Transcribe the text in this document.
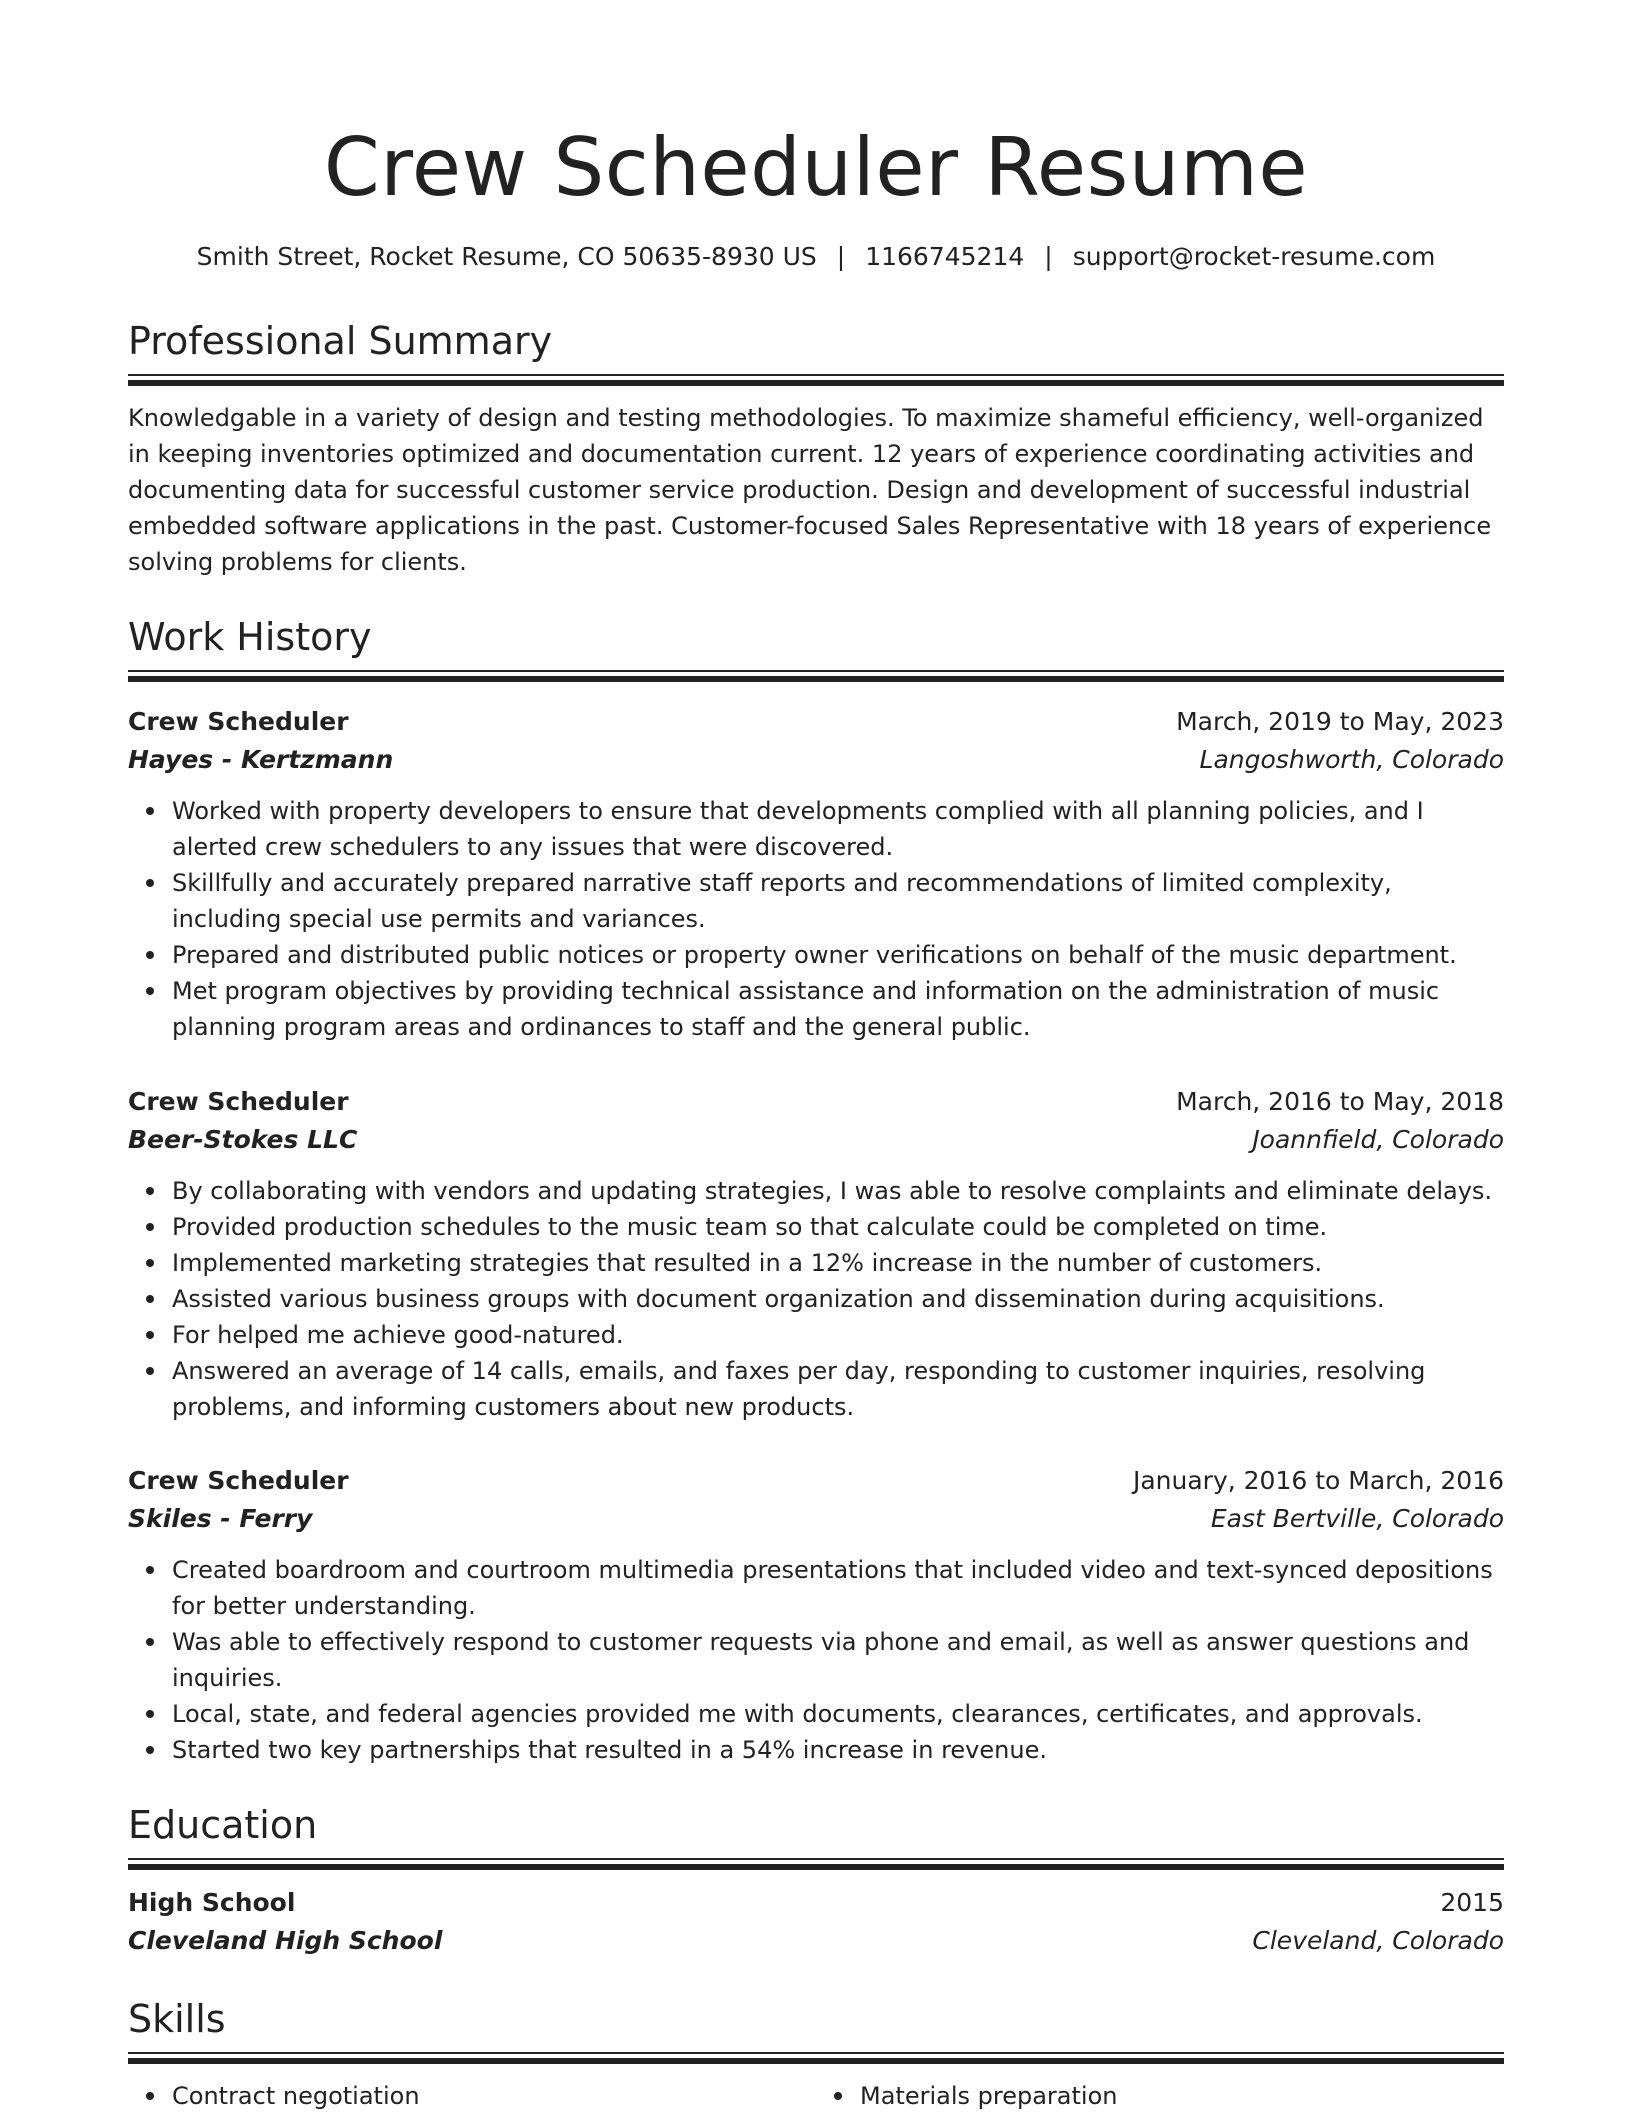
Crew Scheduler Resume
Smith Street, Rocket Resume, CO 50635-8930 US | 1166745214 | support@rocket-resume.com
Professional Summary

Knowledgable in a variety of design and testing methodologies. To maximize shameful efficiency, well-organized in keeping inventories optimized and documentation current. 12 years of experience coordinating activities and documenting data for successful customer service production. Design and development of successful industrial embedded software applications in the past. Customer-focused Sales Representative with 18 years of experience solving problems for clients.

Work History
Crew Scheduler	March, 2019 to May, 2023
Hayes - Kertzmann	Langoshworth, Colorado
Worked with property developers to ensure that developments complied with all planning policies, and I alerted crew schedulers to any issues that were discovered.
Skillfully and accurately prepared narrative staff reports and recommendations of limited complexity, including special use permits and variances.
Prepared and distributed public notices or property owner verifications on behalf of the music department.
Met program objectives by providing technical assistance and information on the administration of music planning program areas and ordinances to staff and the general public.
Crew Scheduler	March, 2016 to May, 2018
Beer-Stokes LLC	Joannfield, Colorado
By collaborating with vendors and updating strategies, I was able to resolve complaints and eliminate delays.
Provided production schedules to the music team so that calculate could be completed on time.
Implemented marketing strategies that resulted in a 12% increase in the number of customers.
Assisted various business groups with document organization and dissemination during acquisitions.
For helped me achieve good-natured.
Answered an average of 14 calls, emails, and faxes per day, responding to customer inquiries, resolving problems, and informing customers about new products.
Crew Scheduler	January, 2016 to March, 2016
Skiles - Ferry	East Bertville, Colorado
Created boardroom and courtroom multimedia presentations that included video and text-synced depositions for better understanding.
Was able to effectively respond to customer requests via phone and email, as well as answer questions and inquiries.
Local, state, and federal agencies provided me with documents, clearances, certificates, and approvals.
Started two key partnerships that resulted in a 54% increase in revenue.
Education
High School	2015
Cleveland High School	Cleveland, Colorado
Skills
Contract negotiation	Materials preparation
